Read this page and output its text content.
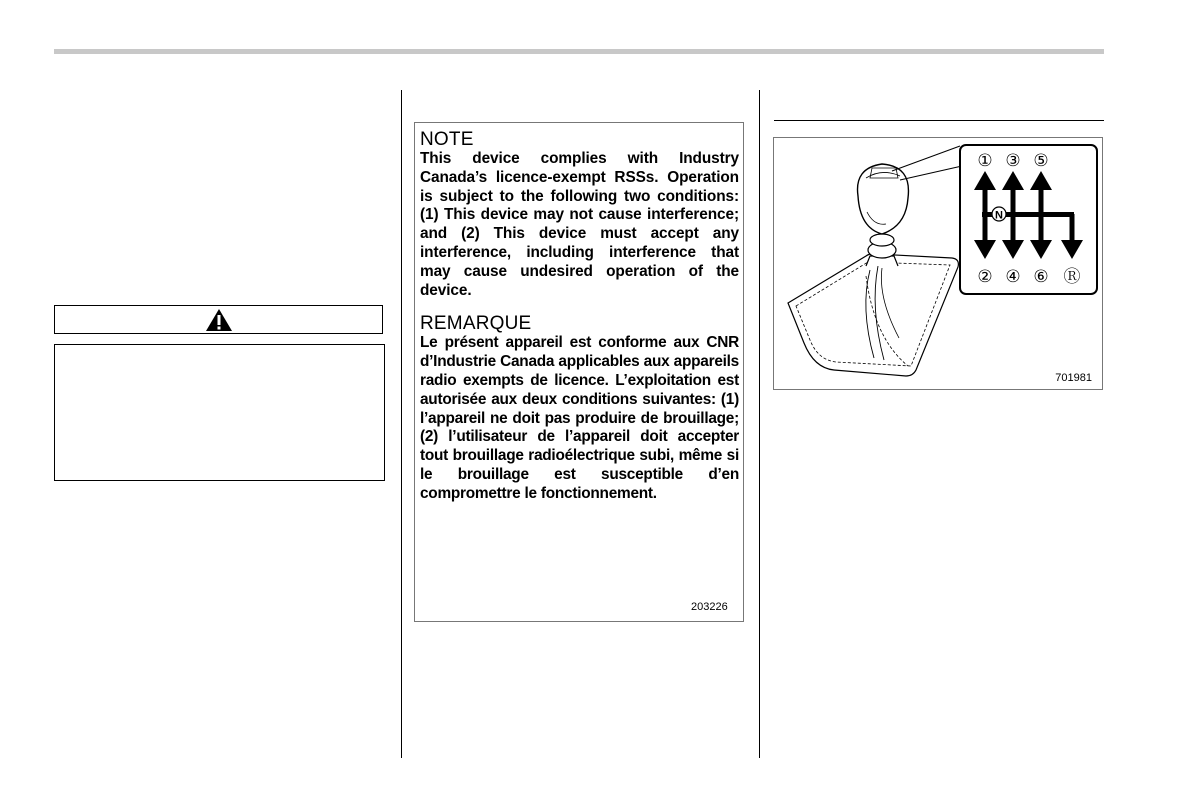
NOTE

This device complies with Industry Canada’s licence-exempt RSSs. Operation is subject to the following two conditions: (1) This device may not cause interference; and (2) This device must accept any interference, including interference that may cause undesired operation of the device.

REMARQUE

Le présent appareil est conforme aux CNR d’Industrie Canada applicables aux appareils radio exempts de licence. L’exploitation est autorisée aux deux conditions suivantes: (1) l’appareil ne doit pas produire de brouillage; (2) l’utilisateur de l’appareil doit accepter tout brouillage radioélectrique subi, même si le brouillage est susceptible d’en compromettre le fonctionnement.

203226
N
① ③ ⑤
② ④ ⑥ Ⓡ
701981
